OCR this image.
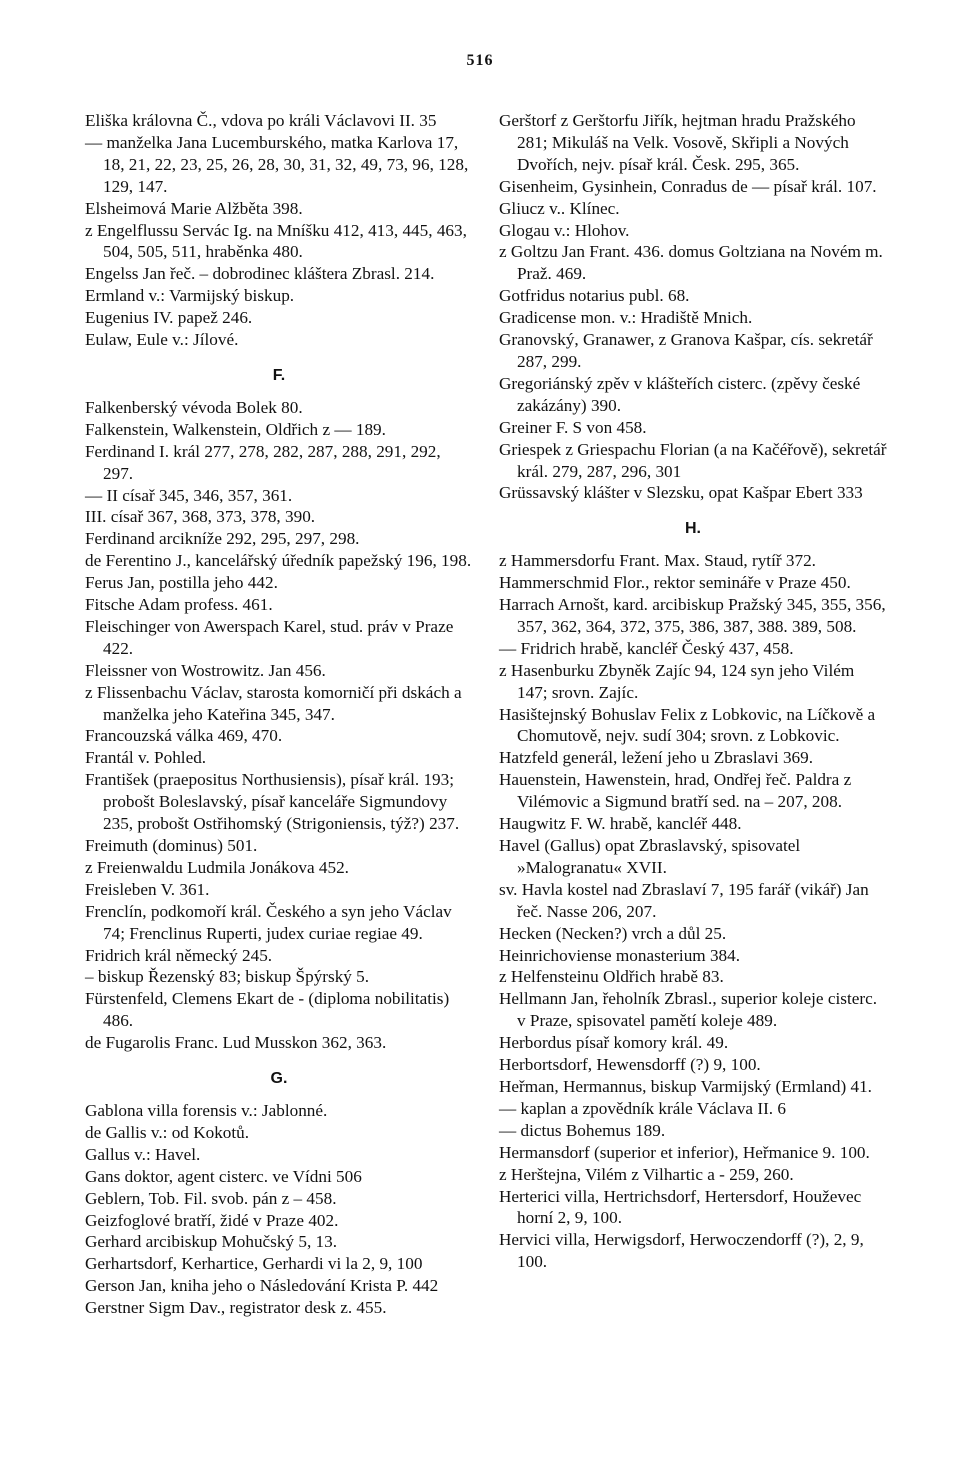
516
Eliška královna Č., vdova po králi Václavovi II. 35
— manželka Jana Lucemburského, matka Karlova 17, 18, 21, 22, 23, 25, 26, 28, 30, 31, 32, 49, 73, 96, 128, 129, 147.
Elsheimová Marie Alžběta 398.
z Engelflussu Servác Ig. na Mníšku 412, 413, 445, 463, 504, 505, 511, hraběnka 480.
Engelss Jan řeč. – dobrodinec kláštera Zbrasl. 214.
Ermland v.: Varmijský biskup.
Eugenius IV. papež 246.
Eulaw, Eule v.: Jílové.
F.
Falkenberský vévoda Bolek 80.
Falkenstein, Walkenstein, Oldřich z — 189.
Ferdinand I. král 277, 278, 282, 287, 288, 291, 292, 297.
— II císař 345, 346, 357, 361.
III. císař 367, 368, 373, 378, 390.
Ferdinand arcikníže 292, 295, 297, 298.
de Ferentino J., kancelářský úředník papežský 196, 198.
Ferus Jan, postilla jeho 442.
Fitsche Adam profess. 461.
Fleischinger von Awerspach Karel, stud. práv v Praze 422.
Fleissner von Wostrowitz. Jan 456.
z Flissenbachu Václav, starosta komorničí při dskách a manželka jeho Kateřina 345, 347.
Francouzská válka 469, 470.
Frantál v. Pohled.
František (praepositus Northusiensis), písař král. 193; probošt Boleslavský, písař kanceláře Sigmundovy 235, probošt Ostřihomský (Strigoniensis, týž?) 237.
Freimuth (dominus) 501.
z Freienwaldu Ludmila Jonákova 452.
Freisleben V. 361.
Frenclín, podkomoří král. Českého a syn jeho Václav 74; Frenclinus Ruperti, judex curiae regiae 49.
Fridrich král německý 245.
– biskup Řezenský 83; biskup Špýrský 5.
Fürstenfeld, Clemens Ekart de - (diploma nobilitatis) 486.
de Fugarolis Franc. Lud Musskon 362, 363.
G.
Gablona villa forensis v.: Jablonné.
de Gallis v.: od Kokotů.
Gallus v.: Havel.
Gans doktor, agent cisterc. ve Vídni 506
Geblern, Tob. Fil. svob. pán z – 458.
Geizfoglové bratří, židé v Praze 402.
Gerhard arcibiskup Mohučský 5, 13.
Gerhartsdorf, Kerhartice, Gerhardi vi la 2, 9, 100
Gerson Jan, kniha jeho o Následování Krista P. 442
Gerstner Sigm Dav., registrator desk z. 455.
Gerštorf z Gerštorfu Jiřík, hejtman hradu Pražského 281; Mikuláš na Velk. Vosově, Skřipli a Nových Dvořích, nejv. písař král. Česk. 295, 365.
Gisenheim, Gysinhein, Conradus de — písař král. 107.
Gliucz v.. Klínec.
Glogau v.: Hlohov.
z Goltzu Jan Frant. 436. domus Goltziana na Novém m. Praž. 469.
Gotfridus notarius publ. 68.
Gradicense mon. v.: Hradiště Mnich.
Granovský, Granawer, z Granova Kašpar, cís. sekretář 287, 299.
Gregoriánský zpěv v klášteřích cisterc. (zpěvy české zakázány) 390.
Greiner F. S von 458.
Griespek z Griespachu Florian (a na Kačéřově), sekretář král. 279, 287, 296, 301
Grüssavský klášter v Slezsku, opat Kašpar Ebert 333
H.
z Hammersdorfu Frant. Max. Staud, rytíř 372.
Hammerschmid Flor., rektor semináře v Praze 450.
Harrach Arnošt, kard. arcibiskup Pražský 345, 355, 356, 357, 362, 364, 372, 375, 386, 387, 388. 389, 508.
— Fridrich hrabě, kancléř Český 437, 458.
z Hasenburku Zbyněk Zajíc 94, 124 syn jeho Vilém 147; srovn. Zajíc.
Hasištejnský Bohuslav Felix z Lobkovic, na Líčkově a Chomutově, nejv. sudí 304; srovn. z Lobkovic.
Hatzfeld generál, ležení jeho u Zbraslavi 369.
Hauenstein, Hawenstein, hrad, Ondřej řeč. Paldra z Vilémovic a Sigmund bratří sed. na – 207, 208.
Haugwitz F. W. hrabě, kancléř 448.
Havel (Gallus) opat Zbraslavský, spisovatel »Malogranatu« XVII.
sv. Havla kostel nad Zbraslaví 7, 195 farář (vikář) Jan řeč. Nasse 206, 207.
Hecken (Necken?) vrch a důl 25.
Heinrichoviense monasterium 384.
z Helfensteinu Oldřich hrabě 83.
Hellmann Jan, řeholník Zbrasl., superior koleje cisterc. v Praze, spisovatel pamětí koleje 489.
Herbordus písař komory král. 49.
Herbortsdorf, Hewensdorff (?) 9, 100.
Heřman, Hermannus, biskup Varmijský (Ermland) 41.
— kaplan a zpovědník krále Václava II. 6
— dictus Bohemus 189.
Hermansdorf (superior et inferior), Heřmanice 9. 100.
z Herštejna, Vilém z Vilhartic a - 259, 260.
Herterici villa, Hertrichsdorf, Hertersdorf, Houževec horní 2, 9, 100.
Hervici villa, Herwigsdorf, Herwoczendorff (?), 2, 9, 100.
